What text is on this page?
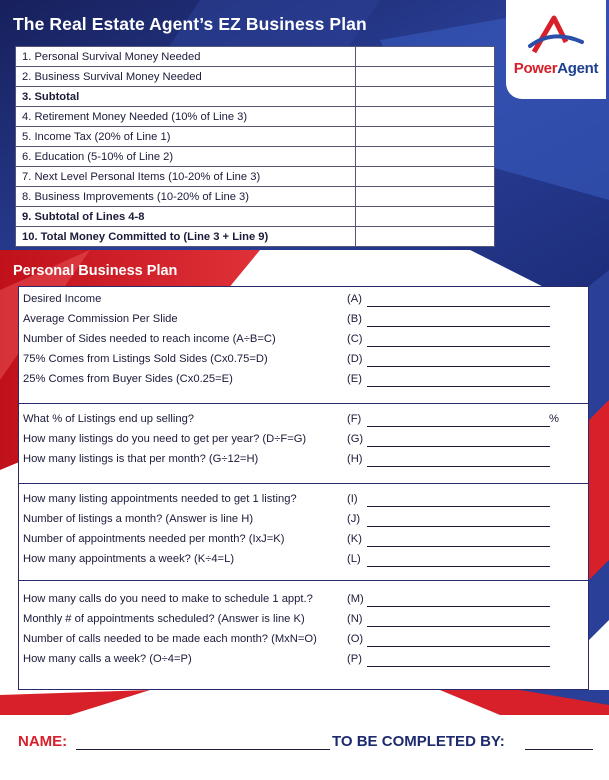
The Real Estate Agent’s EZ Business Plan
PowerAgent
1. Personal Survival Money Needed	
2. Business Survival Money Needed	
3. Subtotal	
4. Retirement Money Needed (10% of Line 3)	
5. Income Tax (20% of Line 1)	
6. Education (5-10% of Line 2)	
7. Next Level Personal Items (10-20% of Line 3)	
8. Business Improvements (10-20% of Line 3)	
9. Subtotal of Lines 4-8	
10. Total Money Committed to (Line 3 + Line 9)	
Personal Business Plan
Desired Income	(A)
Average Commission Per Slide	(B)
Number of Sides needed to reach income (A÷B=C)	(C)
75% Comes from Listings Sold Sides (Cx0.75=D)	(D)
25% Comes from Buyer Sides (Cx0.25=E)	(E)
What % of Listings end up selling?	(F)	%
How many listings do you need to get per year? (D÷F=G)	(G)
How many listings is that per month? (G÷12=H)	(H)
How many listing appointments needed to get 1 listing?	(I)
Number of listings a month? (Answer is line H)	(J)
Number of appointments needed per month? (IxJ=K)	(K)
How many appointments a week? (K÷4=L)	(L)
How many calls do you need to make to schedule 1 appt.?	(M)
Monthly # of appointments scheduled? (Answer is line K)	(N)
Number of calls needed to be made each month? (MxN=O)	(O)
How many calls a week? (O÷4=P)	(P)
NAME:	TO BE COMPLETED BY:
